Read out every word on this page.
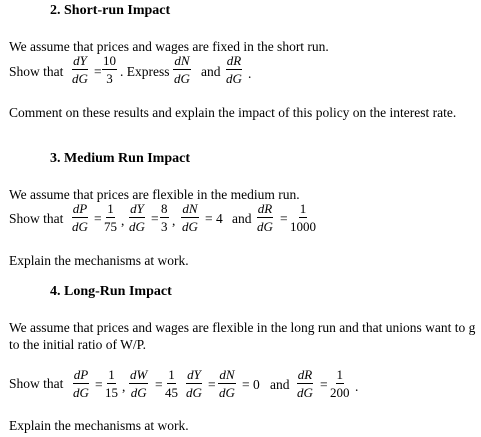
2. Short-run Impact
We assume that prices and wages are fixed in the short run.
Show that $\frac{dY}{dG} = \frac{10}{3}$ . Express $\frac{dN}{dG}$ and $\frac{dR}{dG}$ .
Comment on these results and explain the impact of this policy on the interest rate.
3. Medium Run Impact
We assume that prices are flexible in the medium run.
Show that $\frac{dP}{dG} = \frac{1}{75}$ , $\frac{dY}{dG} = \frac{8}{3}$ , $\frac{dN}{dG} = 4$ and $\frac{dR}{dG} = \frac{1}{1000}$
Explain the mechanisms at work.
4. Long-Run Impact
We assume that prices and wages are flexible in the long run and that unions want to g
to the initial ratio of W/P.
Show that $\frac{dP}{dG} = \frac{1}{15}$ , $\frac{dW}{dG} = \frac{1}{45} \frac{dY}{dG} = \frac{dN}{dG} = 0$ and $\frac{dR}{dG} = \frac{1}{200}$ .
Explain the mechanisms at work.
